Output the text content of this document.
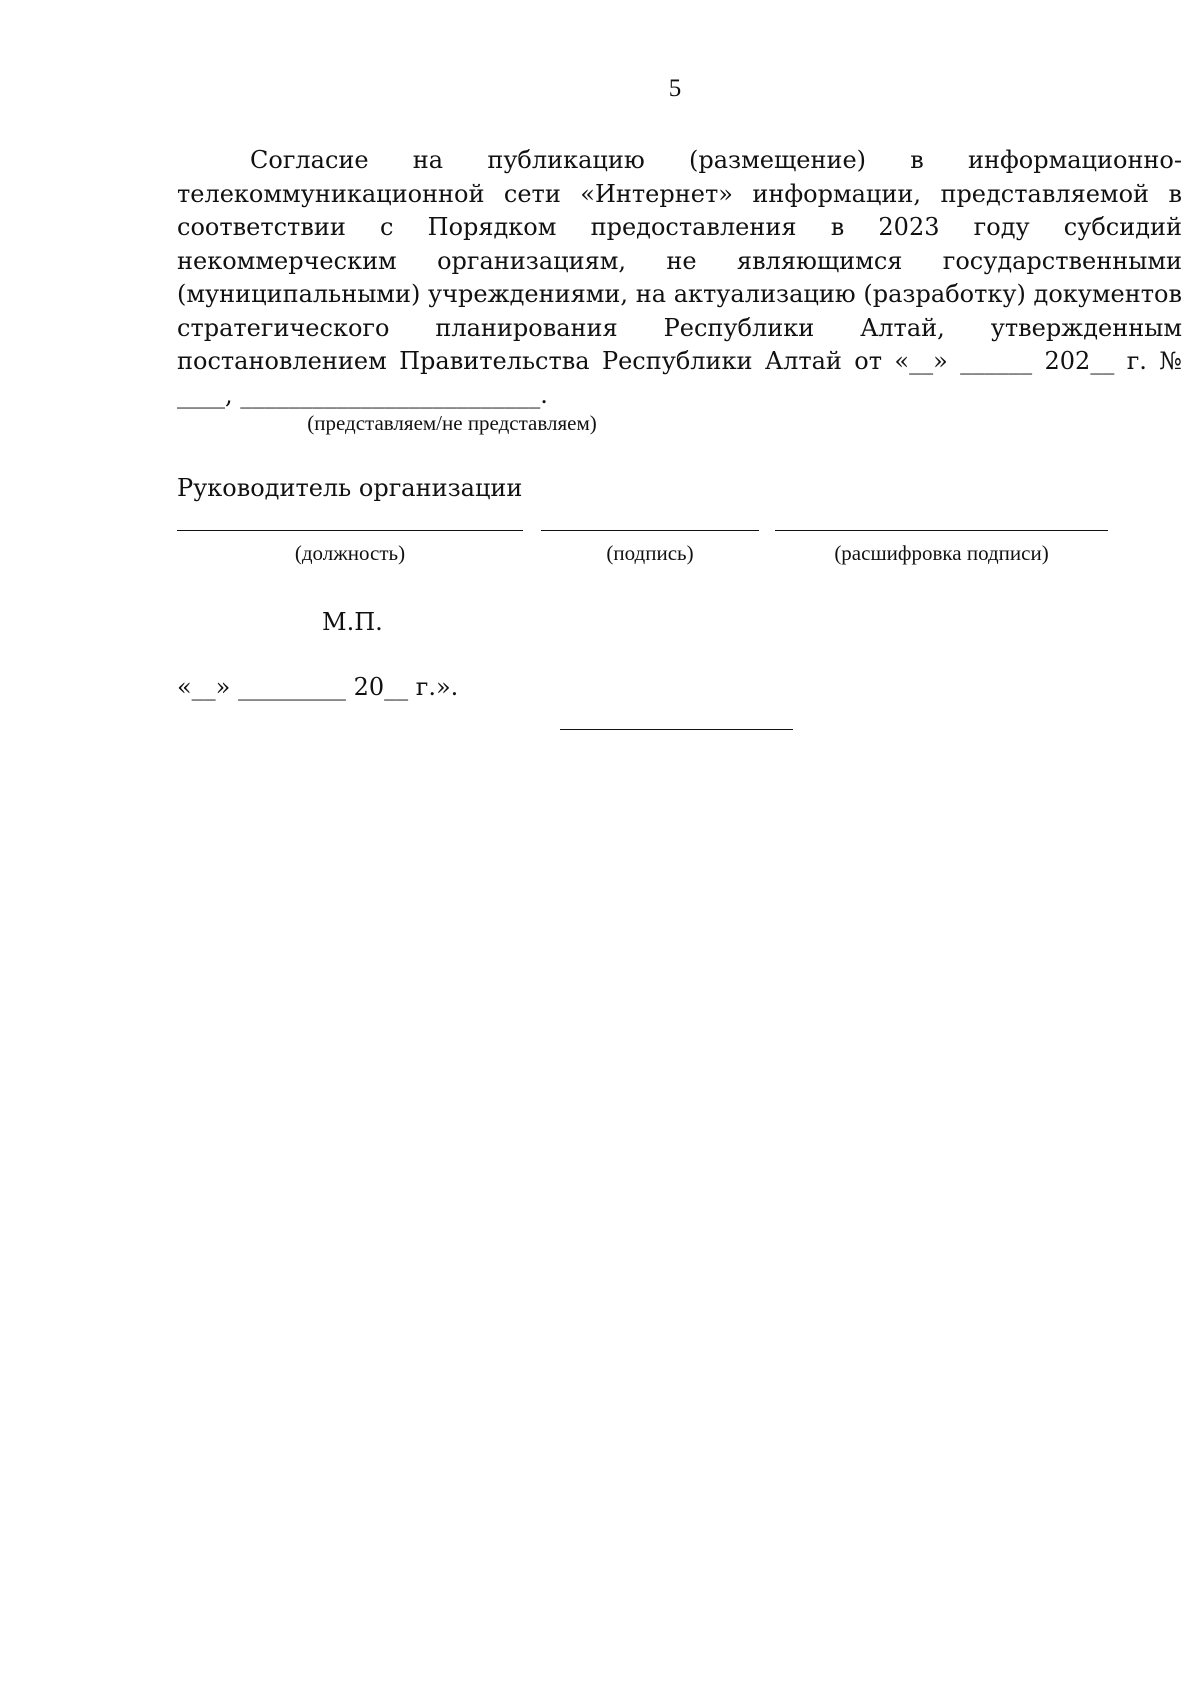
5
Согласие на публикацию (размещение) в информационно-
телекоммуникационной сети «Интернет» информации, представляемой в
соответствии с Порядком предоставления в 2023 году субсидий
некоммерческим организациям, не являющимся государственными
(муниципальными) учреждениями, на актуализацию (разработку) документов
стратегического планирования Республики Алтай, утвержденным
постановлением Правительства Республики Алтай от «__» ______ 202__ г. №
____, _________________________.
(представляем/не представляем)
Руководитель организации
(должность)	(подпись)	(расшифровка подписи)
М.П.
«__» _________ 20__ г.».
